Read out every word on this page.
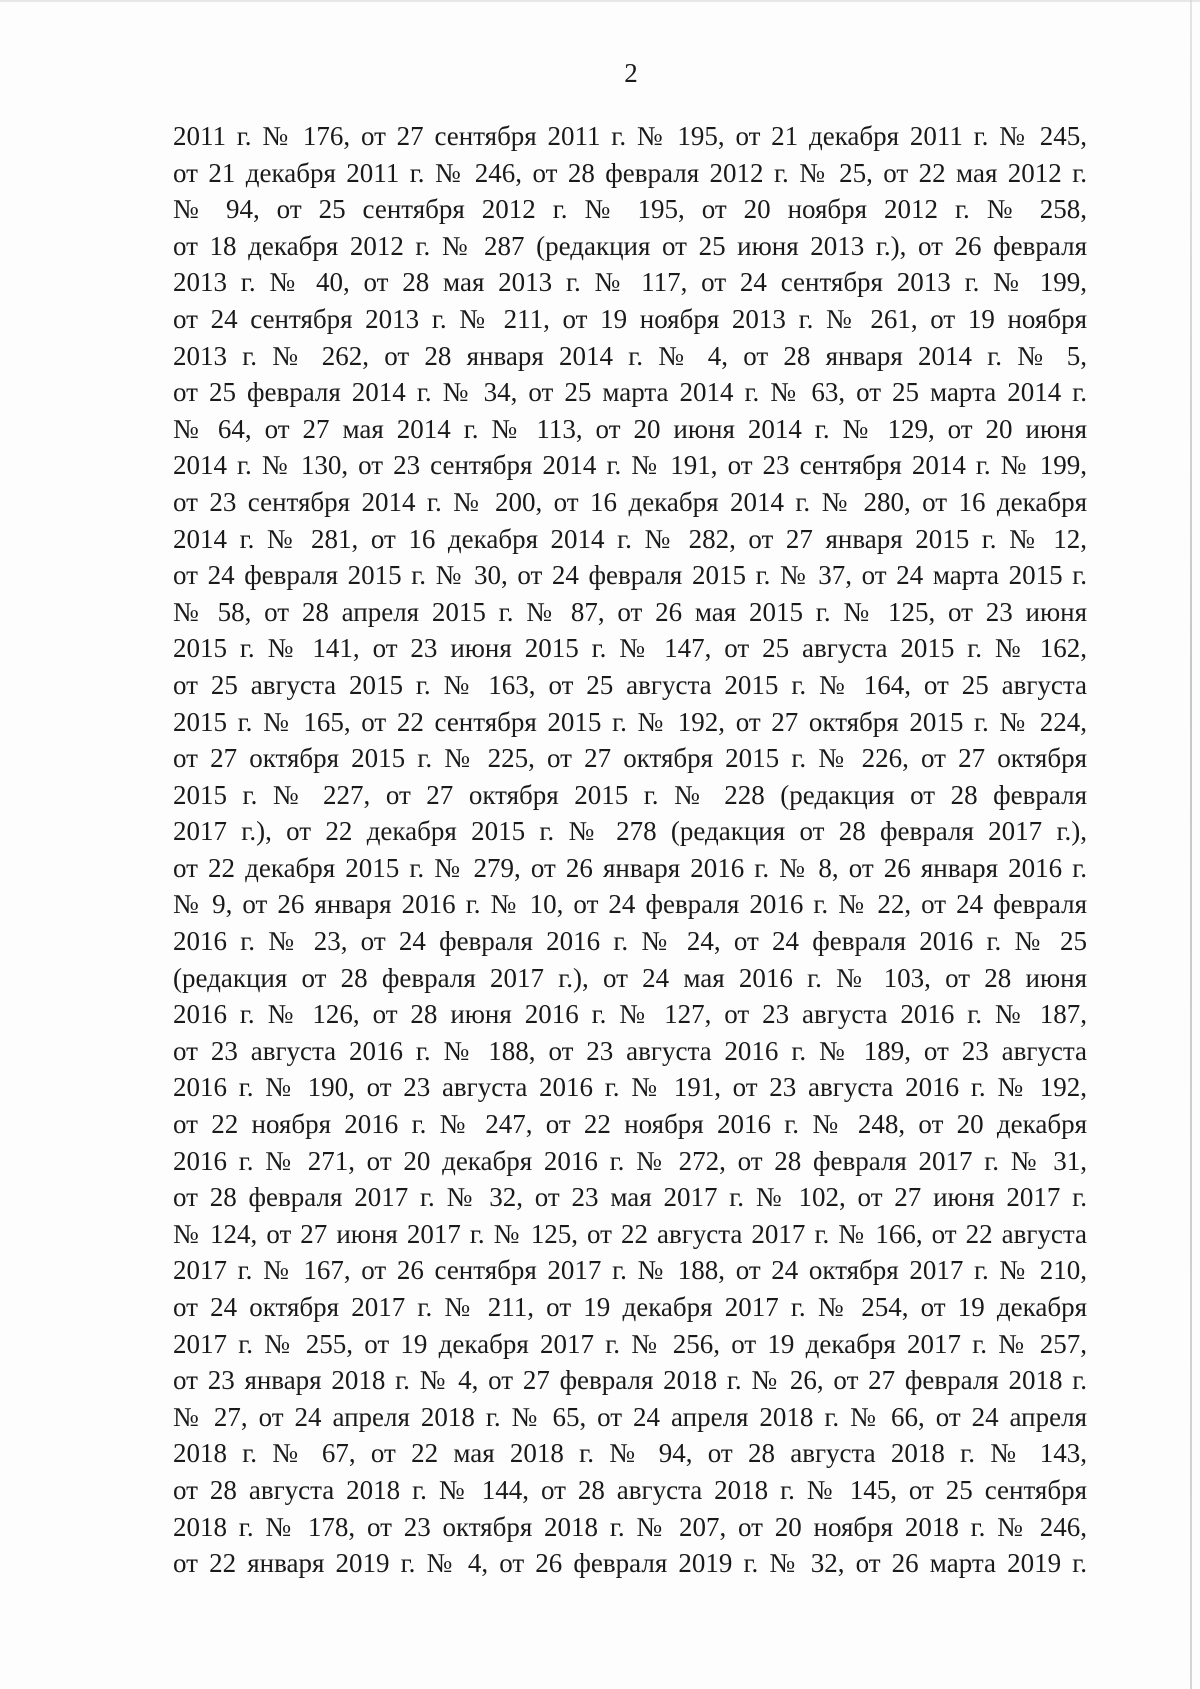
2
2011 г. № 176, от 27 сентября 2011 г. № 195, от 21 декабря 2011 г. № 245,
от 21 декабря 2011 г. № 246, от 28 февраля 2012 г. № 25, от 22 мая 2012 г.
№ 94, от 25 сентября 2012 г. № 195, от 20 ноября 2012 г. № 258,
от 18 декабря 2012 г. № 287 (редакция от 25 июня 2013 г.), от 26 февраля
2013 г. № 40, от 28 мая 2013 г. № 117, от 24 сентября 2013 г. № 199,
от 24 сентября 2013 г. № 211, от 19 ноября 2013 г. № 261, от 19 ноября
2013 г. № 262, от 28 января 2014 г. № 4, от 28 января 2014 г. № 5,
от 25 февраля 2014 г. № 34, от 25 марта 2014 г. № 63, от 25 марта 2014 г.
№ 64, от 27 мая 2014 г. № 113, от 20 июня 2014 г. № 129, от 20 июня
2014 г. № 130, от 23 сентября 2014 г. № 191, от 23 сентября 2014 г. № 199,
от 23 сентября 2014 г. № 200, от 16 декабря 2014 г. № 280, от 16 декабря
2014 г. № 281, от 16 декабря 2014 г. № 282, от 27 января 2015 г. № 12,
от 24 февраля 2015 г. № 30, от 24 февраля 2015 г. № 37, от 24 марта 2015 г.
№ 58, от 28 апреля 2015 г. № 87, от 26 мая 2015 г. № 125, от 23 июня
2015 г. № 141, от 23 июня 2015 г. № 147, от 25 августа 2015 г. № 162,
от 25 августа 2015 г. № 163, от 25 августа 2015 г. № 164, от 25 августа
2015 г. № 165, от 22 сентября 2015 г. № 192, от 27 октября 2015 г. № 224,
от 27 октября 2015 г. № 225, от 27 октября 2015 г. № 226, от 27 октября
2015 г. № 227, от 27 октября 2015 г. № 228 (редакция от 28 февраля
2017 г.), от 22 декабря 2015 г. № 278 (редакция от 28 февраля 2017 г.),
от 22 декабря 2015 г. № 279, от 26 января 2016 г. № 8, от 26 января 2016 г.
№ 9, от 26 января 2016 г. № 10, от 24 февраля 2016 г. № 22, от 24 февраля
2016 г. № 23, от 24 февраля 2016 г. № 24, от 24 февраля 2016 г. № 25
(редакция от 28 февраля 2017 г.), от 24 мая 2016 г. № 103, от 28 июня
2016 г. № 126, от 28 июня 2016 г. № 127, от 23 августа 2016 г. № 187,
от 23 августа 2016 г. № 188, от 23 августа 2016 г. № 189, от 23 августа
2016 г. № 190, от 23 августа 2016 г. № 191, от 23 августа 2016 г. № 192,
от 22 ноября 2016 г. № 247, от 22 ноября 2016 г. № 248, от 20 декабря
2016 г. № 271, от 20 декабря 2016 г. № 272, от 28 февраля 2017 г. № 31,
от 28 февраля 2017 г. № 32, от 23 мая 2017 г. № 102, от 27 июня 2017 г.
№ 124, от 27 июня 2017 г. № 125, от 22 августа 2017 г. № 166, от 22 августа
2017 г. № 167, от 26 сентября 2017 г. № 188, от 24 октября 2017 г. № 210,
от 24 октября 2017 г. № 211, от 19 декабря 2017 г. № 254, от 19 декабря
2017 г. № 255, от 19 декабря 2017 г. № 256, от 19 декабря 2017 г. № 257,
от 23 января 2018 г. № 4, от 27 февраля 2018 г. № 26, от 27 февраля 2018 г.
№ 27, от 24 апреля 2018 г. № 65, от 24 апреля 2018 г. № 66, от 24 апреля
2018 г. № 67, от 22 мая 2018 г. № 94, от 28 августа 2018 г. № 143,
от 28 августа 2018 г. № 144, от 28 августа 2018 г. № 145, от 25 сентября
2018 г. № 178, от 23 октября 2018 г. № 207, от 20 ноября 2018 г. № 246,
от 22 января 2019 г. № 4, от 26 февраля 2019 г. № 32, от 26 марта 2019 г.
